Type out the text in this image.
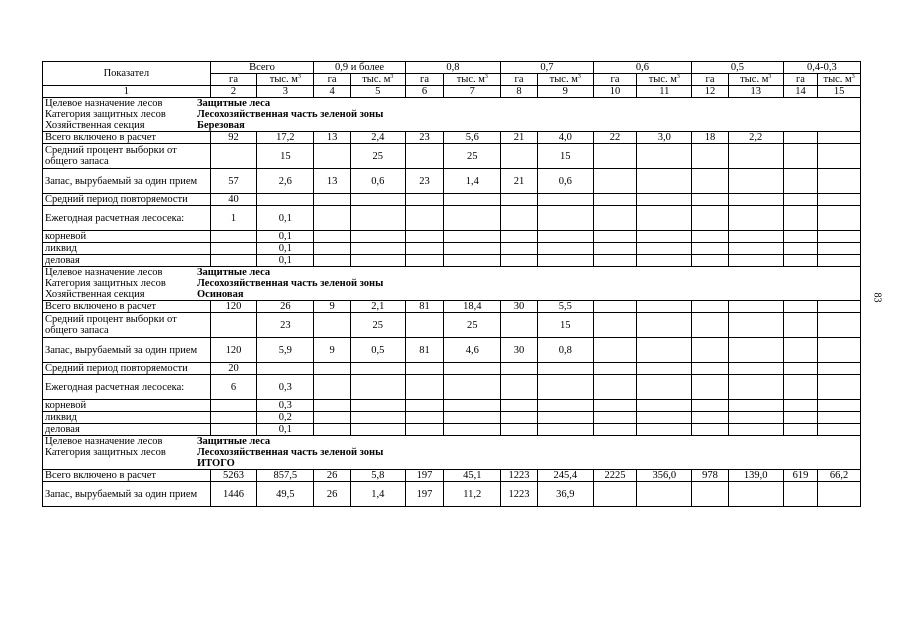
Показател	Всего		0,9 и более		0,8		0,7		0,6		0,5		0,4-0,3	
	га	тыс. $м^3$	га	тыс. $м^3$	га	тыс. $м^3$	га	тыс. $м^3$	га	тыс. $м^3$	га	тыс. $м^3$	га	тыс. $м^3$
1	2	3	4	5	6	7	8	9	10	11	12	13	14	15
Целевое назначение лесов Защитные леса														
Категория защитных лесов Лесохозяйственная часть зеленой зоны														
Хозяйственная секция Березовая														
Всего включено в расчет	92	17,2	13	2,4	23	5,6	21	4,0	22	3,0	18	2,2		
Средний процент выборки от общего запаса		15		25		25		15						
Запас, вырубаемый за один прием	57	2,6	13	0,6	23	1,4	21	0,6						
Средний период повторяемости	40													
Ежегодная расчетная лесосека:	1	0,1												
корневой		0,1												
ликвид		0,1												
деловая		0,1												
Целевое назначение лесов Защитные леса														
Категория защитных лесов Лесохозяйственная часть зеленой зоны														
Хозяйственная секция Осиновая														
Всего включено в расчет	120	26	9	2,1	81	18,4	30	5,5						
Средний процент выборки от общего запаса		23		25		25		15						
Запас, вырубаемый за один прием	120	5,9	9	0,5	81	4,6	30	0,8						
Средний период повторяемости	20													
Ежегодная расчетная лесосека:	6	0,3												
корневой		0,3												
ликвид		0,2												
деловая		0,1												
Целевое назначение лесов Защитные леса														
Категория защитных лесов Лесохозяйственная часть зеленой зоны														
ИТОГО														
Всего включено в расчет	5263	857,5	26	5,8	197	45,1	1223	245,4	2225	356,0	978	139,0	619	66,2
Запас, вырубаемый за один прием	1446	49,5	26	1,4	197	11,2	1223	36,9						
83
